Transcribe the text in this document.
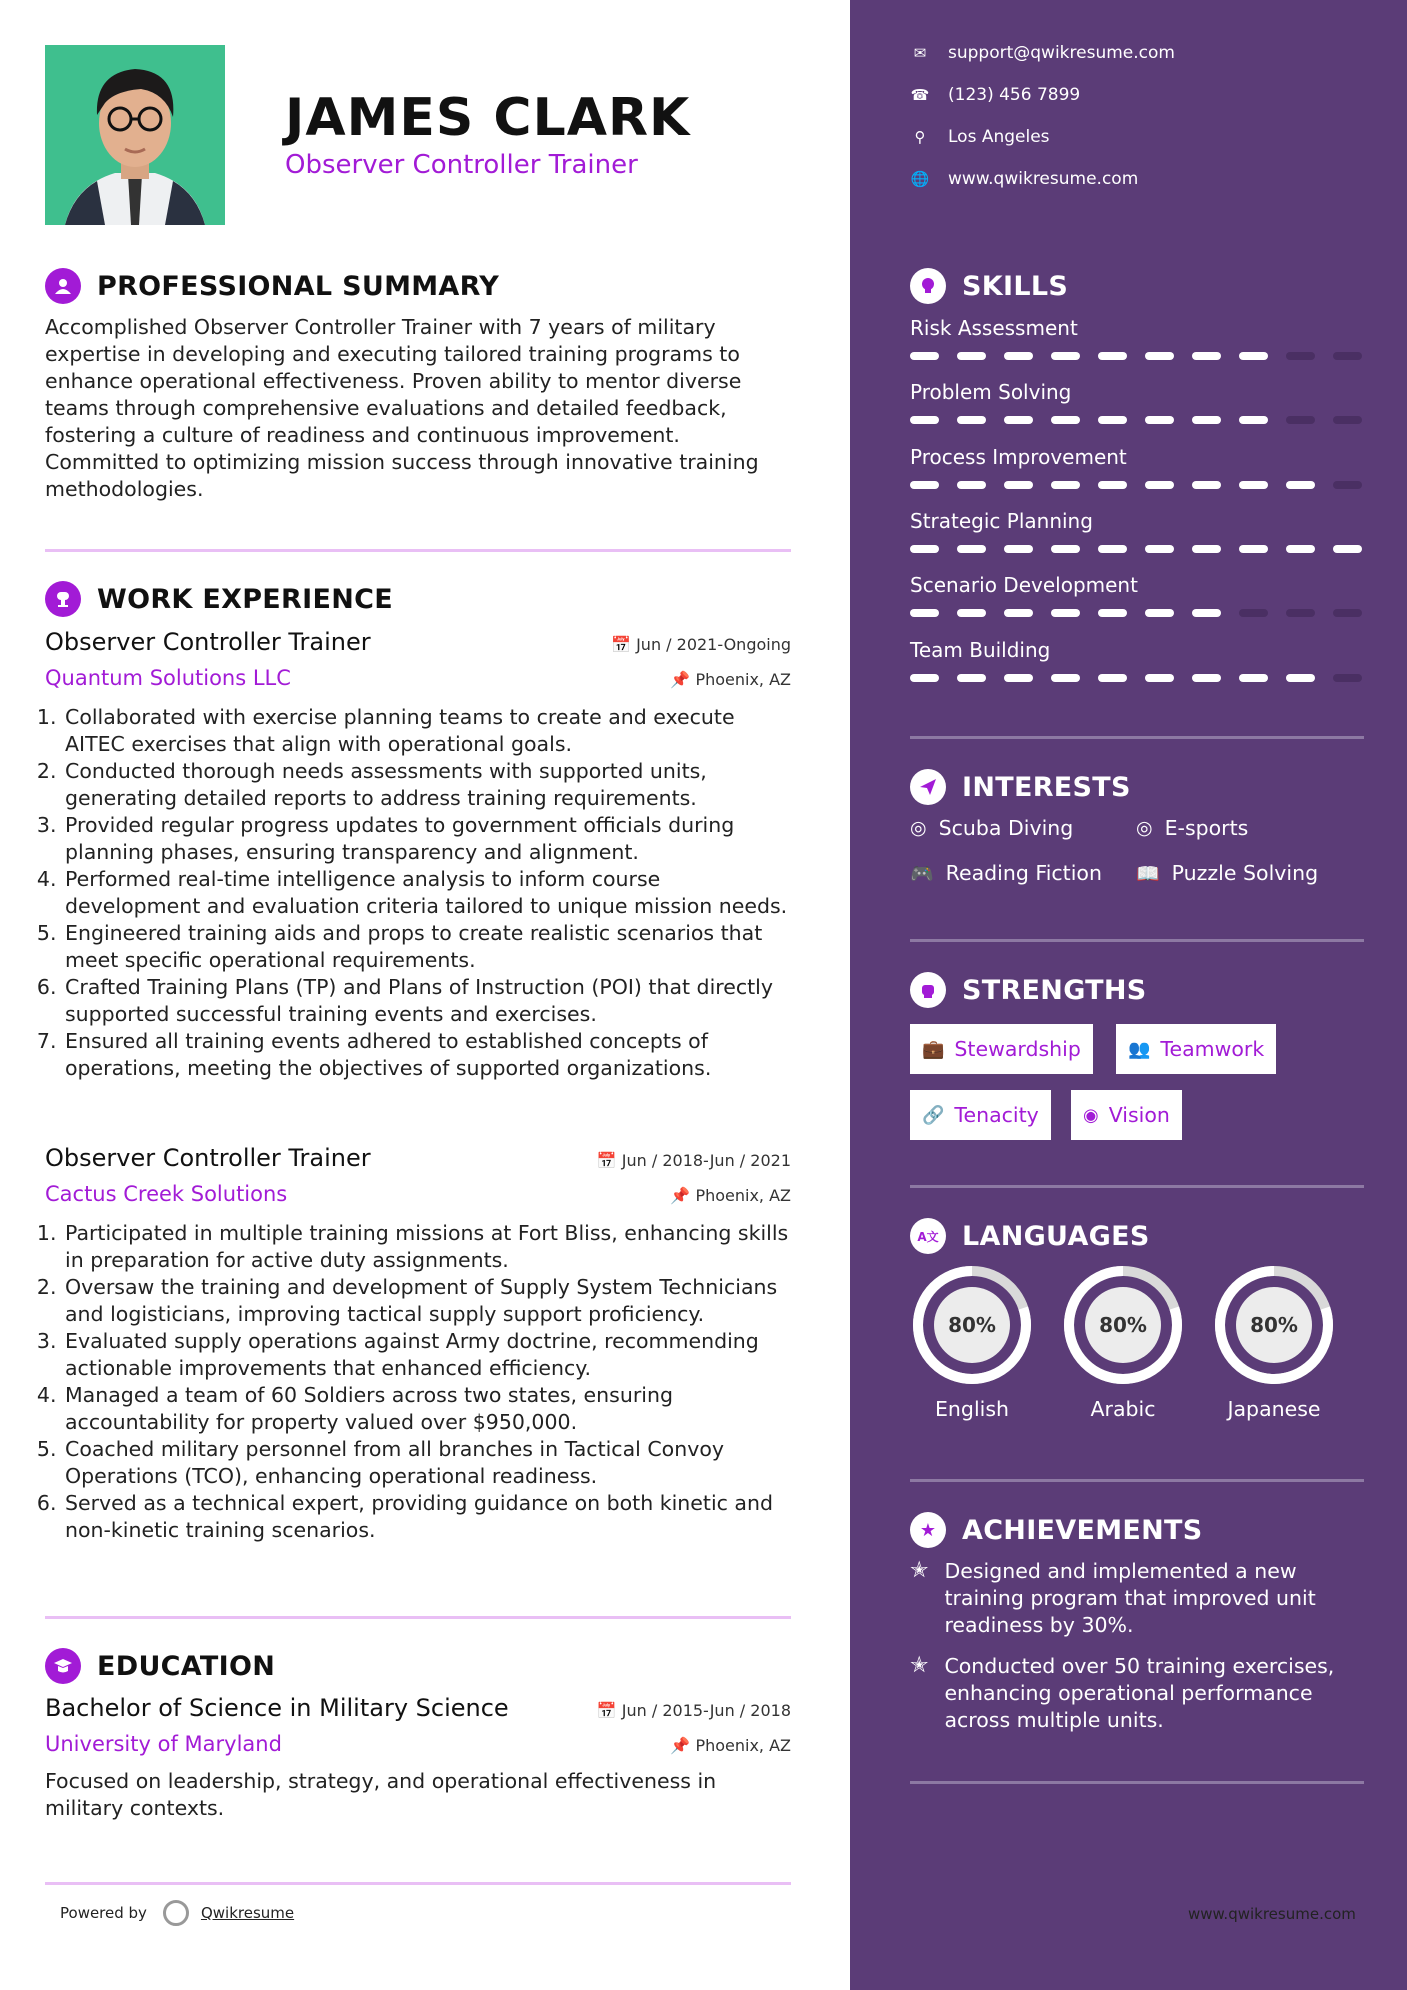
JAMES CLARK
Observer Controller Trainer
PROFESSIONAL SUMMARY
Accomplished Observer Controller Trainer with 7 years of military expertise in developing and executing tailored training programs to enhance operational effectiveness. Proven ability to mentor diverse teams through comprehensive evaluations and detailed feedback, fostering a culture of readiness and continuous improvement. Committed to optimizing mission success through innovative training methodologies.
WORK EXPERIENCE
Observer Controller Trainer	📅 Jun / 2021-Ongoing
Quantum Solutions LLC	📌 Phoenix, AZ
1. Collaborated with exercise planning teams to create and execute AITEC exercises that align with operational goals.
2. Conducted thorough needs assessments with supported units, generating detailed reports to address training requirements.
3. Provided regular progress updates to government officials during planning phases, ensuring transparency and alignment.
4. Performed real-time intelligence analysis to inform course development and evaluation criteria tailored to unique mission needs.
5. Engineered training aids and props to create realistic scenarios that meet specific operational requirements.
6. Crafted Training Plans (TP) and Plans of Instruction (POI) that directly supported successful training events and exercises.
7. Ensured all training events adhered to established concepts of operations, meeting the objectives of supported organizations.
Observer Controller Trainer	📅 Jun / 2018-Jun / 2021
Cactus Creek Solutions	📌 Phoenix, AZ
1. Participated in multiple training missions at Fort Bliss, enhancing skills in preparation for active duty assignments.
2. Oversaw the training and development of Supply System Technicians and logisticians, improving tactical supply support proficiency.
3. Evaluated supply operations against Army doctrine, recommending actionable improvements that enhanced efficiency.
4. Managed a team of 60 Soldiers across two states, ensuring accountability for property valued over $950,000.
5. Coached military personnel from all branches in Tactical Convoy Operations (TCO), enhancing operational readiness.
6. Served as a technical expert, providing guidance on both kinetic and non-kinetic training scenarios.
EDUCATION
Bachelor of Science in Military Science	📅 Jun / 2015-Jun / 2018
University of Maryland	📌 Phoenix, AZ
Focused on leadership, strategy, and operational effectiveness in military contexts.
Powered by	Qwikresume
✉ support@qwikresume.com
☎ (123) 456 7899
⚲ Los Angeles
🌐 www.qwikresume.com
SKILLS
Risk Assessment
Problem Solving
Process Improvement
Strategic Planning
Scenario Development
Team Building
INTERESTS
◎ Scuba Diving	◎ E-sports
🎮 Reading Fiction 📖 Puzzle Solving
STRENGTHS
💼 Stewardship	👥 Teamwork
🔗 Tenacity ◉ Vision
A文 LANGUAGES
80%
English
80%
Arabic
80%
Japanese
★ ACHIEVEMENTS
✭ Designed and implemented a new training program that improved unit readiness by 30%.
✭ Conducted over 50 training exercises, enhancing operational performance across multiple units.
www.qwikresume.com
